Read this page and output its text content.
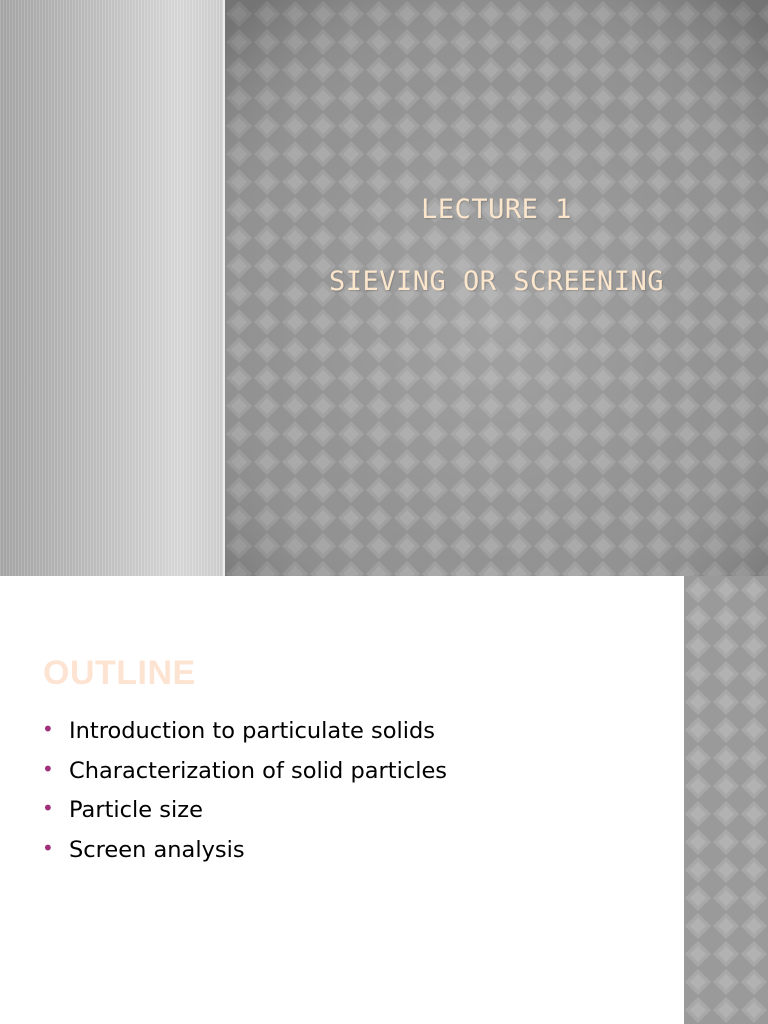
LECTURE 1
SIEVING OR SCREENING
OUTLINE
• Introduction to particulate solids
• Characterization of solid particles
• Particle size
• Screen analysis
